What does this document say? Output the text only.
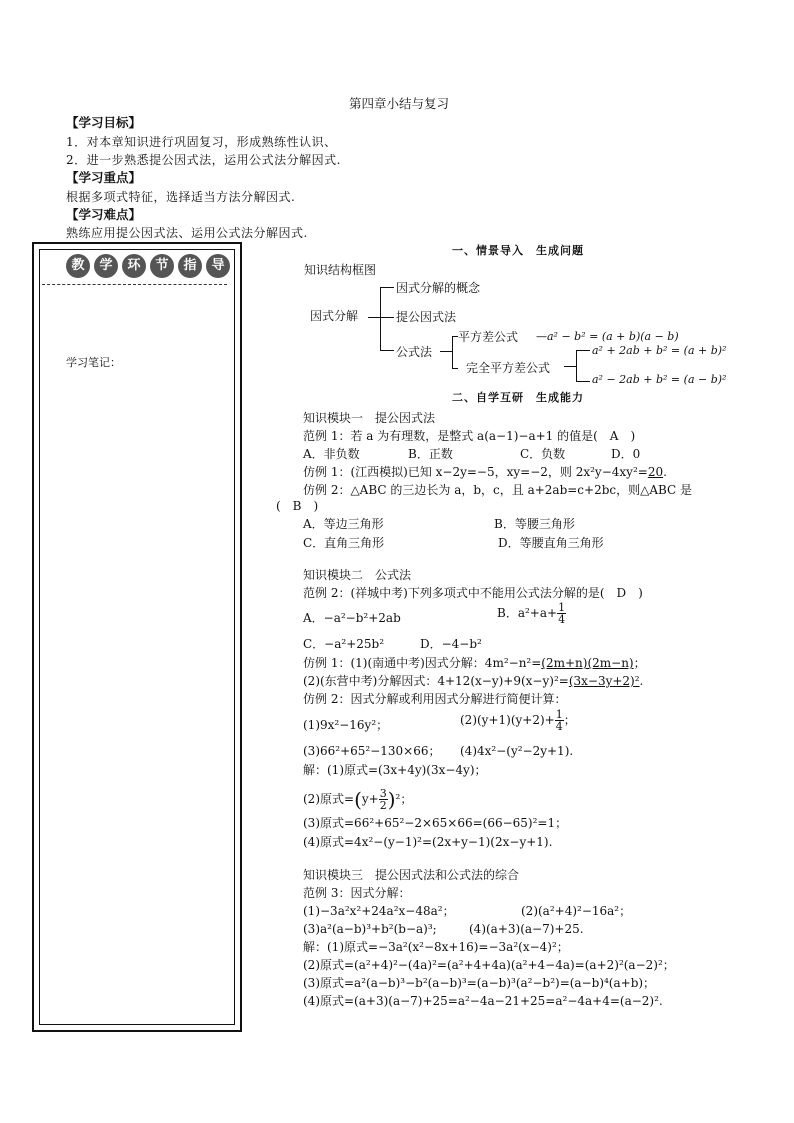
第四章小结与复习
【学习目标】
1．对本章知识进行巩固复习，形成熟练性认识、
2．进一步熟悉提公因式法，运用公式法分解因式.
【学习重点】
根据多项式特征，选择适当方法分解因式.
【学习难点】
熟练应用提公因式法、运用公式法分解因式.
教	学	环	节	指	导
学习笔记：
一、情景导入　生成问题
知识结构框图
因式分解
因式分解的概念
提公因式法
公式法
平方差公式 —a² − b² = (a + b)(a − b)
完全平方差公式
a² + 2ab + b² = (a + b)²
a² − 2ab + b² = (a − b)²
二、自学互研　生成能力
知识模块一　提公因式法
范例 1：若 a 为有理数，是整式 a(a−1)−a+1 的值是(　A　)
A．非负数	B．正数	C．负数	D．0
仿例 1：(江西模拟)已知 x−2y=−5，xy=−2，则 2x²y−4xy²=20.
仿例 2：△ABC 的三边长为 a，b，c，且 a+2ab=c+2bc，则△ABC 是
(　B　)
A．等边三角形	B．等腰三角形
C．直角三角形	D．等腰直角三角形
知识模块二　公式法
范例 2：(祥城中考)下列多项式中不能用公式法分解的是(　D　)
A．−a²−b²+2ab	B．$a^2+a+ \frac{1}{4}$
C．−a²+25b²	D．−4−b²
仿例 1：(1)(南通中考)因式分解：4m²−n²=(2m+n)(2m−n)；
(2)(东营中考)分解因式：4+12(x−y)+9(x−y)²=(3x−3y+2)².
仿例 2：因式分解或利用因式分解进行简便计算：
(1)9x²−16y²；	$(2)(y+1)(y+2)+ \frac{1}{4}$ ；
(3)66²+65²−130×66； (4)4x²−(y²−2y+1).
解：(1)原式=(3x+4y)(3x−4y)；
(2)原式$=(y+ \frac{3}{2} )^2$；
(3)原式=66²+65²−2×65×66=(66−65)²=1；
(4)原式=4x²−(y−1)²=(2x+y−1)(2x−y+1).
知识模块三　提公因式法和公式法的综合
范例 3：因式分解：
(1)−3a²x²+24a²x−48a²；	(2)(a²+4)²−16a²；
(3)a²(a−b)³+b²(b−a)³;	(4)(a+3)(a−7)+25.
解：(1)原式=−3a²(x²−8x+16)=−3a²(x−4)²；
(2)原式=(a²+4)²−(4a)²=(a²+4+4a)(a²+4−4a)=(a+2)²(a−2)²；
(3)原式=a²(a−b)³−b²(a−b)³=(a−b)³(a²−b²)=(a−b)⁴(a+b)；
(4)原式=(a+3)(a−7)+25=a²−4a−21+25=a²−4a+4=(a−2)².
